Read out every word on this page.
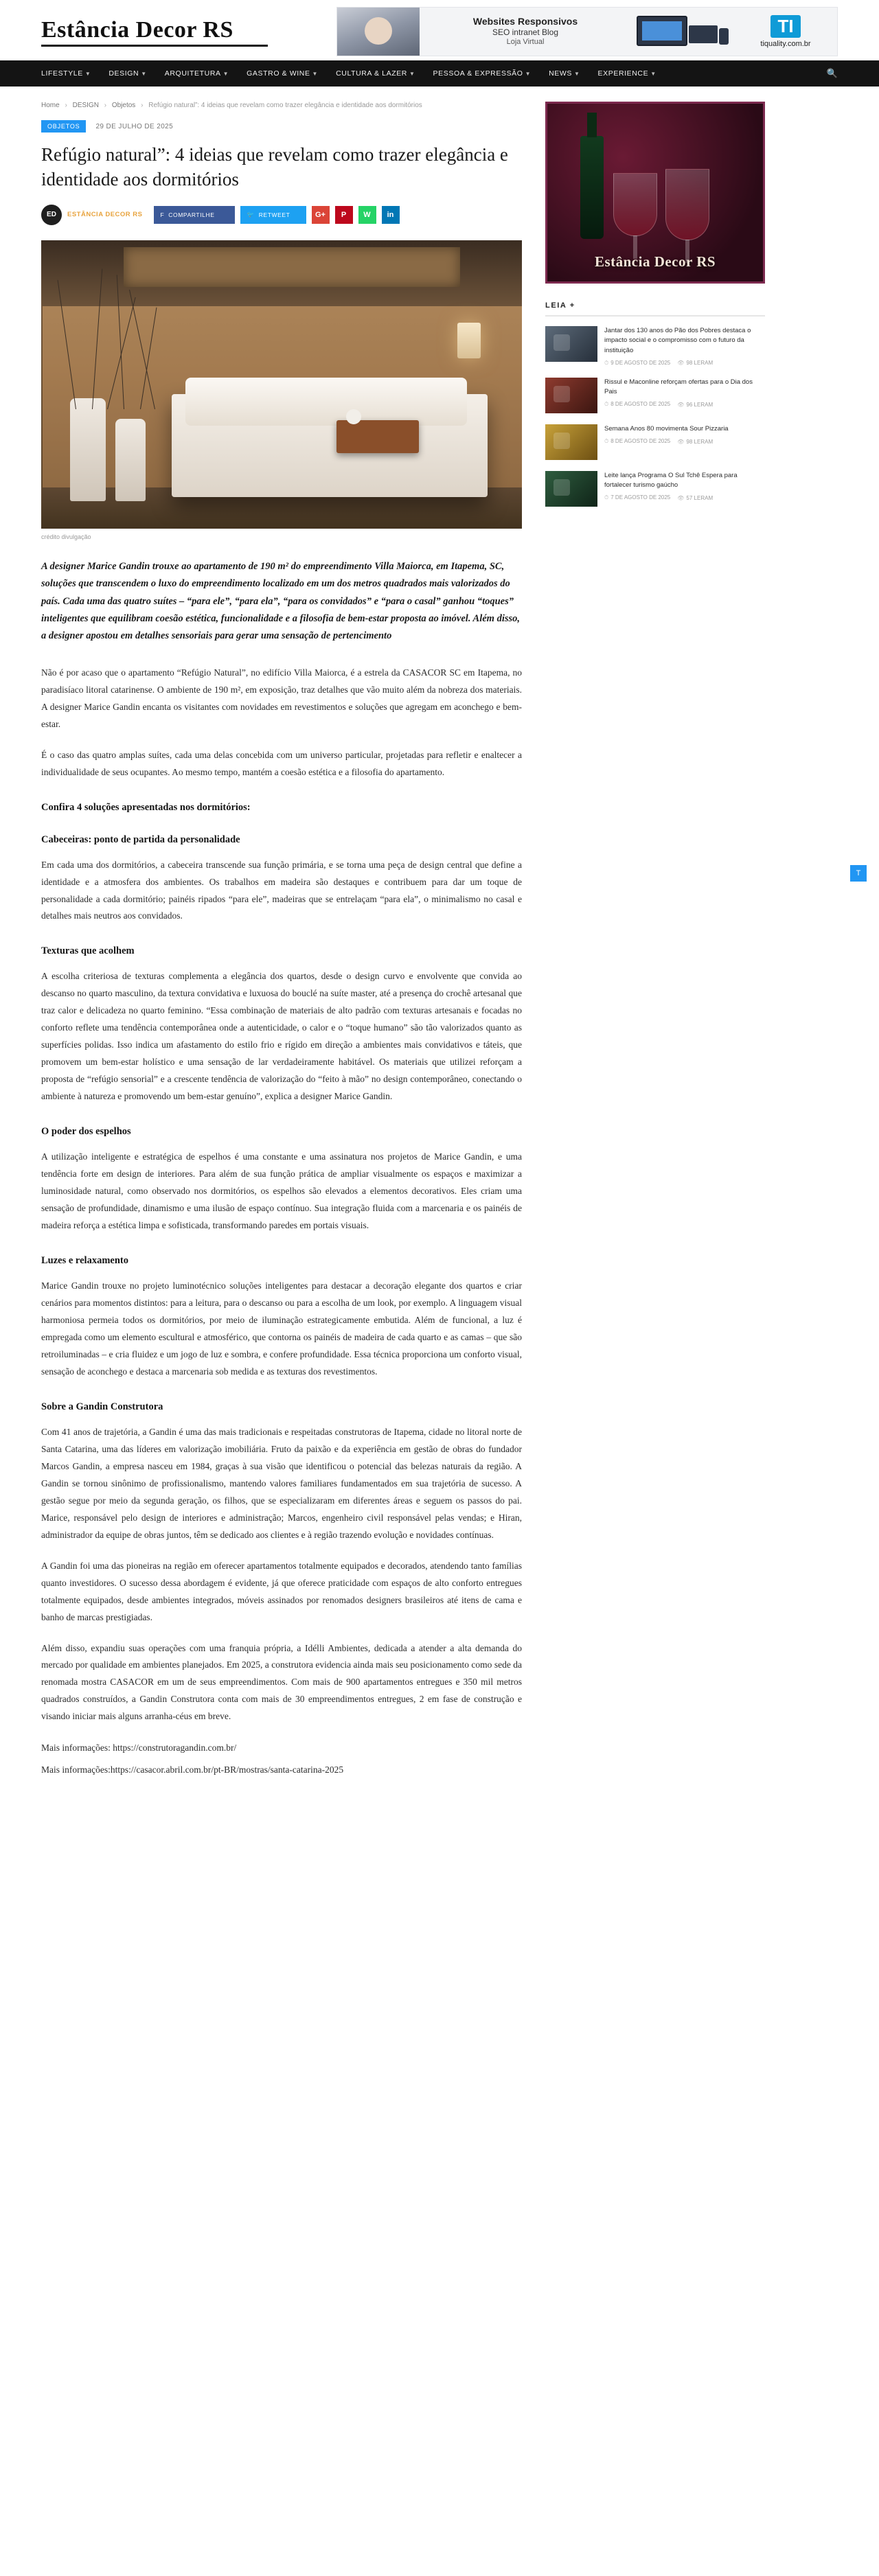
Estância Decor RS	Websites Responsivos
SEO intranet Blog
Loja Virtual
TI
tiquality.com.br
LIFESTYLE ▼ DESIGN ▼ ARQUITETURA ▼ GASTRO & WINE ▼ CULTURA & LAZER ▼ PESSOA & EXPRESSÃO ▼ NEWS ▼ EXPERIENCE ▼	🔍
Home › DESIGN › Objetos › Refúgio natural”: 4 ideias que revelam como trazer elegância e identidade aos dormitórios
OBJETOS	29 DE JULHO DE 2025
Refúgio natural”: 4 ideias que revelam como trazer elegância e identidade aos dormitórios
ED	ESTÂNCIA DECOR RS	F COMPARTILHE	🐦 RETWEET	G+	P	W	in
crédito divulgação
A designer Marice Gandin trouxe ao apartamento de 190 m² do empreendimento Villa Maiorca, em Itapema, SC, soluções que transcendem o luxo do empreendimento localizado em um dos metros quadrados mais valorizados do país. Cada uma das quatro suítes – “para ele”, “para ela”, “para os convidados” e “para o casal” ganhou “toques” inteligentes que equilibram coesão estética, funcionalidade e a filosofia de bem-estar proposta ao imóvel. Além disso, a designer apostou em detalhes sensoriais para gerar uma sensação de pertencimento
Não é por acaso que o apartamento “Refúgio Natural”, no edifício Villa Maiorca, é a estrela da CASACOR SC em Itapema, no paradisíaco litoral catarinense. O ambiente de 190 m², em exposição, traz detalhes que vão muito além da nobreza dos materiais. A designer Marice Gandin encanta os visitantes com novidades em revestimentos e soluções que agregam em aconchego e bem-estar.
É o caso das quatro amplas suítes, cada uma delas concebida com um universo particular, projetadas para refletir e enaltecer a individualidade de seus ocupantes. Ao mesmo tempo, mantém a coesão estética e a filosofia do apartamento.
Confira 4 soluções apresentadas nos dormitórios:
Cabeceiras: ponto de partida da personalidade
Em cada uma dos dormitórios, a cabeceira transcende sua função primária, e se torna uma peça de design central que define a identidade e a atmosfera dos ambientes. Os trabalhos em madeira são destaques e contribuem para dar um toque de personalidade a cada dormitório; painéis ripados “para ele”, madeiras que se entrelaçam “para ela”, o minimalismo no casal e detalhes mais neutros aos convidados.
Texturas que acolhem
A escolha criteriosa de texturas complementa a elegância dos quartos, desde o design curvo e envolvente que convida ao descanso no quarto masculino, da textura convidativa e luxuosa do bouclé na suíte master, até a presença do crochê artesanal que traz calor e delicadeza no quarto feminino. “Essa combinação de materiais de alto padrão com texturas artesanais e focadas no conforto reflete uma tendência contemporânea onde a autenticidade, o calor e o “toque humano” são tão valorizados quanto as superfícies polidas. Isso indica um afastamento do estilo frio e rígido em direção a ambientes mais convidativos e táteis, que promovem um bem-estar holístico e uma sensação de lar verdadeiramente habitável. Os materiais que utilizei reforçam a proposta de “refúgio sensorial” e a crescente tendência de valorização do “feito à mão” no design contemporâneo, conectando o ambiente à natureza e promovendo um bem-estar genuíno”, explica a designer Marice Gandin.
O poder dos espelhos
A utilização inteligente e estratégica de espelhos é uma constante e uma assinatura nos projetos de Marice Gandin, e uma tendência forte em design de interiores. Para além de sua função prática de ampliar visualmente os espaços e maximizar a luminosidade natural, como observado nos dormitórios, os espelhos são elevados a elementos decorativos. Eles criam uma sensação de profundidade, dinamismo e uma ilusão de espaço contínuo. Sua integração fluida com a marcenaria e os painéis de madeira reforça a estética limpa e sofisticada, transformando paredes em portais visuais.
Luzes e relaxamento
Marice Gandin trouxe no projeto luminotécnico soluções inteligentes para destacar a decoração elegante dos quartos e criar cenários para momentos distintos: para a leitura, para o descanso ou para a escolha de um look, por exemplo. A linguagem visual harmoniosa permeia todos os dormitórios, por meio de iluminação estrategicamente embutida. Além de funcional, a luz é empregada como um elemento escultural e atmosférico, que contorna os painéis de madeira de cada quarto e as camas – que são retroiluminadas – e cria fluidez e um jogo de luz e sombra, e confere profundidade. Essa técnica proporciona um conforto visual, sensação de aconchego e destaca a marcenaria sob medida e as texturas dos revestimentos.
Sobre a Gandin Construtora
Com 41 anos de trajetória, a Gandin é uma das mais tradicionais e respeitadas construtoras de Itapema, cidade no litoral norte de Santa Catarina, uma das líderes em valorização imobiliária. Fruto da paixão e da experiência em gestão de obras do fundador Marcos Gandin, a empresa nasceu em 1984, graças à sua visão que identificou o potencial das belezas naturais da região. A Gandin se tornou sinônimo de profissionalismo, mantendo valores familiares fundamentados em sua trajetória de sucesso. A gestão segue por meio da segunda geração, os filhos, que se especializaram em diferentes áreas e seguem os passos do pai. Marice, responsável pelo design de interiores e administração; Marcos, engenheiro civil responsável pelas vendas; e Hiran, administrador da equipe de obras juntos, têm se dedicado aos clientes e à região trazendo evolução e novidades contínuas.
A Gandin foi uma das pioneiras na região em oferecer apartamentos totalmente equipados e decorados, atendendo tanto famílias quanto investidores. O sucesso dessa abordagem é evidente, já que oferece praticidade com espaços de alto conforto entregues totalmente equipados, desde ambientes integrados, móveis assinados por renomados designers brasileiros até itens de cama e banho de marcas prestigiadas.
Além disso, expandiu suas operações com uma franquia própria, a Idélli Ambientes, dedicada a atender a alta demanda do mercado por qualidade em ambientes planejados. Em 2025, a construtora evidencia ainda mais seu posicionamento como sede da renomada mostra CASACOR em um de seus empreendimentos. Com mais de 900 apartamentos entregues e 350 mil metros quadrados construídos, a Gandin Construtora conta com mais de 30 empreendimentos entregues, 2 em fase de construção e visando iniciar mais alguns arranha-céus em breve.
Mais informações: https://construtoragandin.com.br/
Mais informações:https://casacor.abril.com.br/pt-BR/mostras/santa-catarina-2025
Estância Decor RS
LEIA +
Jantar dos 130 anos do Pão dos Pobres destaca o impacto social e o compromisso com o futuro da instituição
⏱ 9 DE AGOSTO DE 2025 👁 98 LERAM
Rissul e Maconline reforçam ofertas para o Dia dos Pais
⏱ 8 DE AGOSTO DE 2025 👁 96 LERAM
Semana Anos 80 movimenta Sour Pizzaria
⏱ 8 DE AGOSTO DE 2025 👁 98 LERAM
Leite lança Programa O Sul Tchê Espera para fortalecer turismo gaúcho
⏱ 7 DE AGOSTO DE 2025 👁 57 LERAM
T
